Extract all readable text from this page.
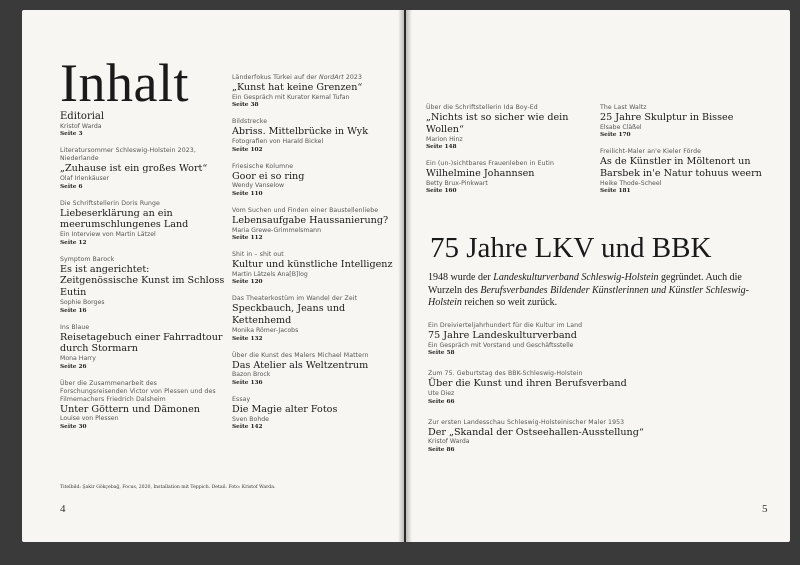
Inhalt
Editorial
Kristof Warda
Seite 3
Literatursommer Schleswig-Holstein 2023, Niederlande
„Zuhause ist ein großes Wort“
Olaf Irlenkäuser
Seite 6
Die Schriftstellerin Doris Runge
Liebeserklärung an ein meerumschlungenes Land
Ein Interview von Martin Lätzel
Seite 12
Symptom Barock
Es ist angerichtet: Zeitgenössische Kunst im Schloss Eutin
Sophie Borges
Seite 16
Ins Blaue
Reisetagebuch einer Fahrradtour durch Stormarn
Mona Harry
Seite 26
Über die Zusammenarbeit des Forschungsreisenden Victor von Plessen und des Filmemachers Friedrich Dalsheim
Unter Göttern und Dämonen
Louise von Plessen
Seite 30
Länderfokus Türkei auf der NordArt 2023
„Kunst hat keine Grenzen“
Ein Gespräch mit Kurator Kemal Tufan
Seite 38
Bildstrecke
Abriss. Mittelbrücke in Wyk
Fotografien von Harald Bickel
Seite 102
Friesische Kolumne
Goor ei so ring
Wendy Vanselow
Seite 110
Vom Suchen und Finden einer Baustellenliebe
Lebensaufgabe Haussanierung?
Maria Grewe-Grimmelsmann
Seite 112
Shit in – shit out
Kultur und künstliche Intelligenz
Martin Lätzels Ana[B]log
Seite 120
Das Theaterkostüm im Wandel der Zeit
Speckbauch, Jeans und Kettenhemd
Monika Römer-Jacobs
Seite 132
Über die Kunst des Malers Michael Mattern
Das Atelier als Weltzentrum
Bazon Brock
Seite 136
Essay
Die Magie alter Fotos
Sven Bohde
Seite 142
Titelbild: Şakir Gökçebağ, Focus, 2020, Installation mit Teppich. Detail. Foto: Kristof Warda.
4
Über die Schriftstellerin Ida Boy-Ed
„Nichts ist so sicher wie dein Wollen“
Marion Hinz
Seite 148
Ein (un-)sichtbares Frauenleben in Eutin
Wilhelmine Johannsen
Betty Brux-Pinkwart
Seite 160
The Last Waltz
25 Jahre Skulptur in Bissee
Elsabe Cläßel
Seite 170
Freilicht-Maler an'e Kieler Förde
As de Künstler in Möltenort un Barsbek in'e Natur tohuus weern
Heike Thode-Scheel
Seite 181
75 Jahre LKV und BBK
1948 wurde der Landeskulturverband Schleswig-Holstein gegründet. Auch die Wurzeln des Berufsverbandes Bildender Künstlerinnen und Künstler Schleswig-Holstein reichen so weit zurück.
Ein Dreivierteljahrhundert für die Kultur im Land
75 Jahre Landeskulturverband
Ein Gespräch mit Vorstand und Geschäftsstelle
Seite 58
Zum 75. Geburtstag des BBK-Schleswig-Holstein
Über die Kunst und ihren Berufsverband
Ute Diez
Seite 66
Zur ersten Landesschau Schleswig-Holsteinischer Maler 1953
Der „Skandal der Ostseehallen-Ausstellung“
Kristof Warda
Seite 86
5
